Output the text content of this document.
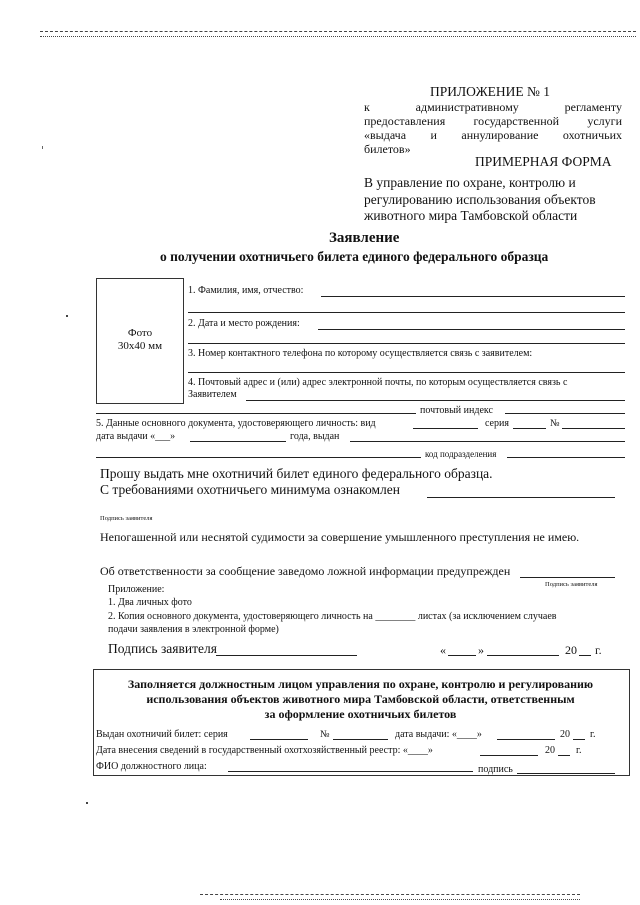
ПРИЛОЖЕНИЕ № 1
к административному регламенту
предоставления государственной услуги
«выдача и аннулирование охотничьих
билетов»
ПРИМЕРНАЯ ФОРМА
В управление по охране, контролю и
регулированию использования объектов
животного мира Тамбовской области
Заявление
о получении охотничьего билета единого федерального образца
Фото
30х40 мм
1. Фамилия, имя, отчество:
2. Дата и место рождения:
3. Номер контактного телефона по которому осуществляется связь с заявителем:
4. Почтовый адрес и (или) адрес электронной почты, по которым осуществляется связь с
Заявителем
почтовый индекс
5. Данные основного документа, удостоверяющего личность: вид	серия	№
дата выдачи «___»	года, выдан
код подразделения
Прошу выдать мне охотничий билет единого федерального образца.
С требованиями охотничьего минимума ознакомлен
Подпись заявителя
Непогашенной или неснятой судимости за совершение умышленного преступления не имею.
Об ответственности за сообщение заведомо ложной информации предупрежден
Подпись заявителя
Приложение:
1. Два личных фото
2. Копия основного документа, удостоверяющего личность на ________ листах (за исключением случаев
подачи заявления в электронной форме)
Подпись заявителя	«	»	20 г.
Заполняется должностным лицом управления по охране, контролю и регулированию
использования объектов животного мира Тамбовской области, ответственным
за оформление охотничьих билетов
Выдан охотничий билет: серия	№	дата выдачи: «____»	20 г.
Дата внесения сведений в государственный охотхозяйственный реестр: «____»	20 г.
ФИО должностного лица:	подпись
